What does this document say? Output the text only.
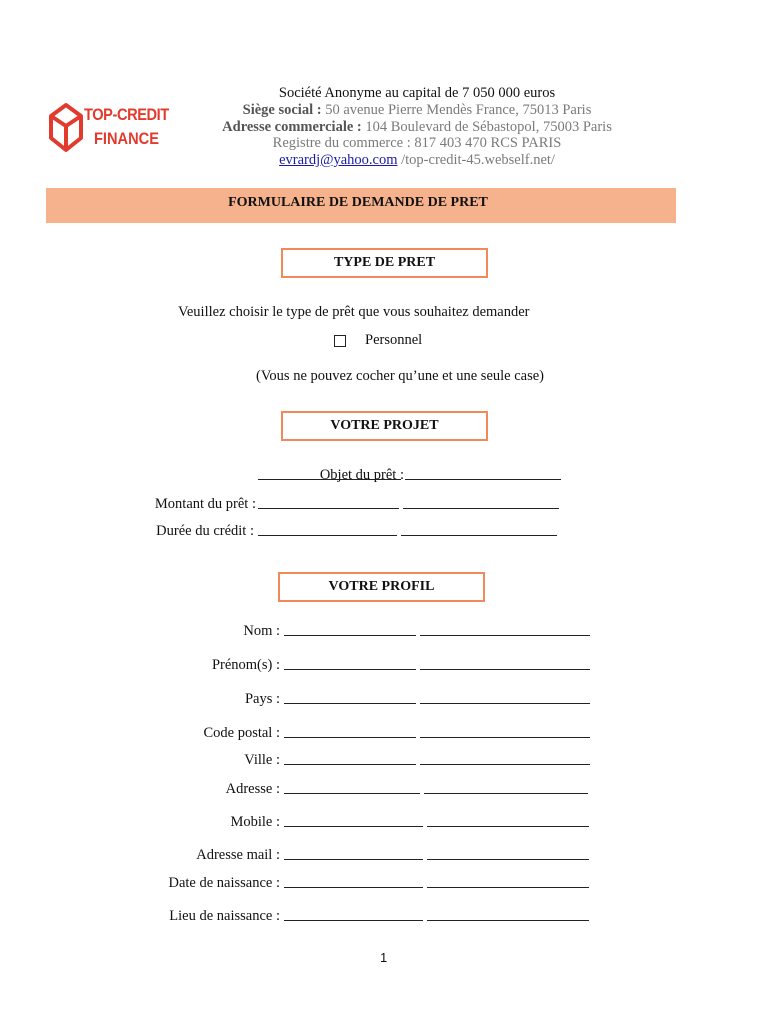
TOP-CREDIT
FINANCE
Société Anonyme au capital de 7 050 000 euros
Siège social : 50 avenue Pierre Mendès France, 75013 Paris
Adresse commerciale : 104 Boulevard de Sébastopol, 75003 Paris
Registre du commerce : 817 403 470 RCS PARIS
evrardj@yahoo.com /top-credit-45.webself.net/
FORMULAIRE DE DEMANDE DE PRET
TYPE DE PRET
Veuillez choisir le type de prêt que vous souhaitez demander
Personnel
(Vous ne pouvez cocher qu’une et une seule case)
VOTRE PROJET
Objet du prêt :

Montant du prêt :

Durée du crédit :

VOTRE PROFIL
Nom :

Prénom(s) :

Pays :

Code postal :

Ville :

Adresse :

Mobile :

Adresse mail :

Date de naissance :

Lieu de naissance :

1
